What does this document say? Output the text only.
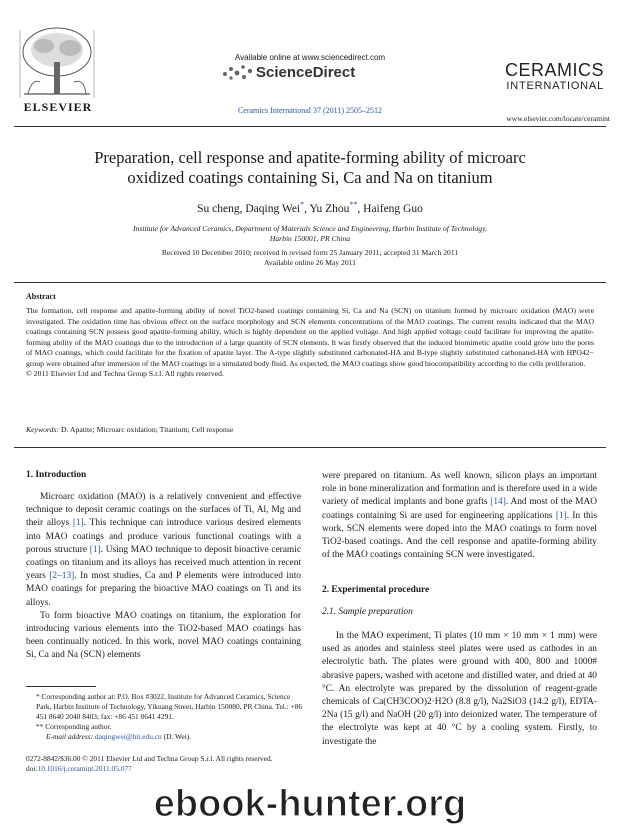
ELSEVIER
Available online at www.sciencedirect.com
ScienceDirect
Ceramics International 37 (2011) 2505–2512
CERAMICS
INTERNATIONAL
www.elsevier.com/locate/ceramint
Preparation, cell response and apatite-forming ability of microarc
oxidized coatings containing Si, Ca and Na on titanium
Su cheng, Daqing Wei*, Yu Zhou**, Haifeng Guo
Institute for Advanced Ceramics, Department of Materials Science and Engineering, Harbin Institute of Technology,
Harbin 150001, PR China
Received 10 December 2010; received in revised form 25 January 2011; accepted 31 March 2011
Available online 26 May 2011
Abstract
The formation, cell response and apatite-forming ability of novel TiO2-based coatings containing Si, Ca and Na (SCN) on titanium formed by microarc oxidation (MAO) were investigated. The oxidation time has obvious effect on the surface morphology and SCN elements concentrations of the MAO coatings. The current results indicated that the MAO coatings containing SCN possess good apatite-forming ability, which is highly dependent on the applied voltage. And high applied voltage could facilitate for improving the apatite-forming ability of the MAO coatings due to the introduction of a large quantity of SCN elements. It was firstly observed that the induced biomimetic apatite could grow into the pores of MAO coatings, which could facilitate for the fixation of apatite layer. The A-type slightly substituted carbonated-HA and B-type slightly substituted carbonated-HA with HPO42− group were obtained after immersion of the MAO coatings in a simulated body fluid. As expected, the MAO coatings show good biocompatibility according to the cells proliferation.
© 2011 Elsevier Ltd and Techna Group S.r.l. All rights reserved.
Keywords: D. Apatite; Microarc oxidation; Titanium; Cell response
1. Introduction

Microarc oxidation (MAO) is a relatively convenient and effective technique to deposit ceramic coatings on the surfaces of Ti, Al, Mg and their alloys [1]. This technique can introduce various desired elements into MAO coatings and produce various functional coatings with a porous structure [1]. Using MAO technique to deposit bioactive ceramic coatings on titanium and its alloys has received much attention in recent years [2–13]. In most studies, Ca and P elements were introduced into MAO coatings for preparing the bioactive MAO coatings on Ti and its alloys.

To form bioactive MAO coatings on titanium, the exploration for introducing various elements into the TiO2-based MAO coatings has been continually noticed. In this work, novel MAO coatings containing Si, Ca and Na (SCN) elements

were prepared on titanium. As well known, silicon plays an important role in bone mineralization and formation and is therefore used in a wide variety of medical implants and bone grafts [14]. And most of the MAO coatings containing Si are used for engineering applications [1]. In this work, SCN elements were doped into the MAO coatings to form novel TiO2-based coatings. And the cell response and apatite-forming ability of the MAO coatings containing SCN were investigated.

2. Experimental procedure
2.1. Sample preparation

In the MAO experiment, Ti plates (10 mm × 10 mm × 1 mm) were used as anodes and stainless steel plates were used as cathodes in an electrolytic bath. The plates were ground with 400, 800 and 1000# abrasive papers, washed with acetone and distilled water, and dried at 40 °C. An electrolyte was prepared by the dissolution of reagent-grade chemicals of Ca(CH3COO)2·H2O (8.8 g/l), Na2SiO3 (14.2 g/l), EDTA-2Na (15 g/l) and NaOH (20 g/l) into deionized water. The temperature of the electrolyte was kept at 40 °C by a cooling system. Firstly, to investigate the

* Corresponding author at: P.O. Box #3022, Institute for Advanced Ceramics, Science Park, Harbin Institute of Technology, Yikuang Street, Harbin 150080, PR China. Tel.: +86 451 8640 2040 8403; fax: +86 451 8641 4291.
** Corresponding author.
E-mail address: daqingwei@hit.edu.cn (D. Wei).
0272-8842/$36.00 © 2011 Elsevier Ltd and Techna Group S.r.l. All rights reserved.
doi:10.1016/j.ceramint.2011.05.077
ebook-hunter.org
